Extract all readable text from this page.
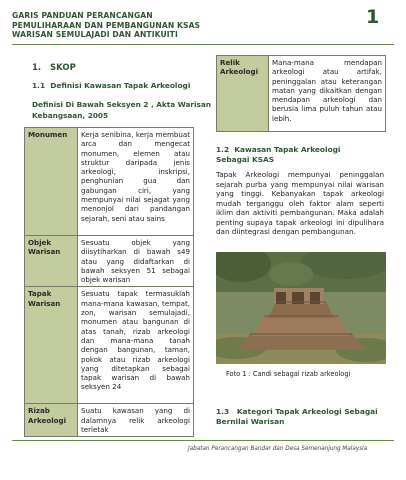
GARIS PANDUAN PERANCANGAN
PEMULIHARAAN DAN PEMBANGUNAN KSAS
WARISAN SEMULAJADI DAN ANTIKUITI
1
1. SKOP
1.1 Definisi Kawasan Tapak Arkeologi
Definisi Di Bawah Seksyen 2 , Akta Warisan Kebangsaan, 2005
Monumen	Kerja senibina, kerja membuat arca dan mengecat monumen, elemen atau struktur daripada jenis arkeologi, inskripsi, penghunian gua dan gabungan ciri, yang mempunyai nilai sejagat yang menonjol dari pandangan sejarah, seni atau sains
Objek Warisan	Sesuatu objek yang diisytiharkan di bawah s49 atau yang didaftarkan di bawah seksyen 51 sebagai objek warisan
Tapak Warisan	Sesuatu tapak termasuklah mana-mana kawasan, tempat, zon, warisan semulajadi, monumen atau bangunan di atas tanah, rizab arkeologi dan mana-mana tanah dengan bangunan, taman, pokok atau rizab arkeologi yang ditetapkan sebagai tapak warisan di bawah seksyen 24
Rizab Arkeologi	Suatu kawasan yang di dalamnya relik arkeologi terletak
Relik Arkeologi	Mana-mana mendapan arkeologi atau artifak, peninggalan atau keterangan matan yang dikaitkan dengan mendapan arkeologi dan berusia lima puluh tahun atau lebih.
1.2 Kawasan Tapak Arkeologi Sebagai KSAS
Tapak Arkeologi mempunyai peninggalan sejarah purba yang mempunyai nilai warisan yang tinggi. Kebanyakan tapak arkeologi mudah terganggu oleh faktor alam seperti iklim dan aktiviti pembangunan. Maka adalah penting supaya tapak arkeologi ini dipulihara dan diintegrasi dengan pembangunan.
Foto 1 : Candi sebagai rizab arkeologi
1.3 Kategori Tapak Arkeologi Sebagai Bernilai Warisan
Jabatan Perancangan Bandar dan Desa Semenanjung Malaysia
